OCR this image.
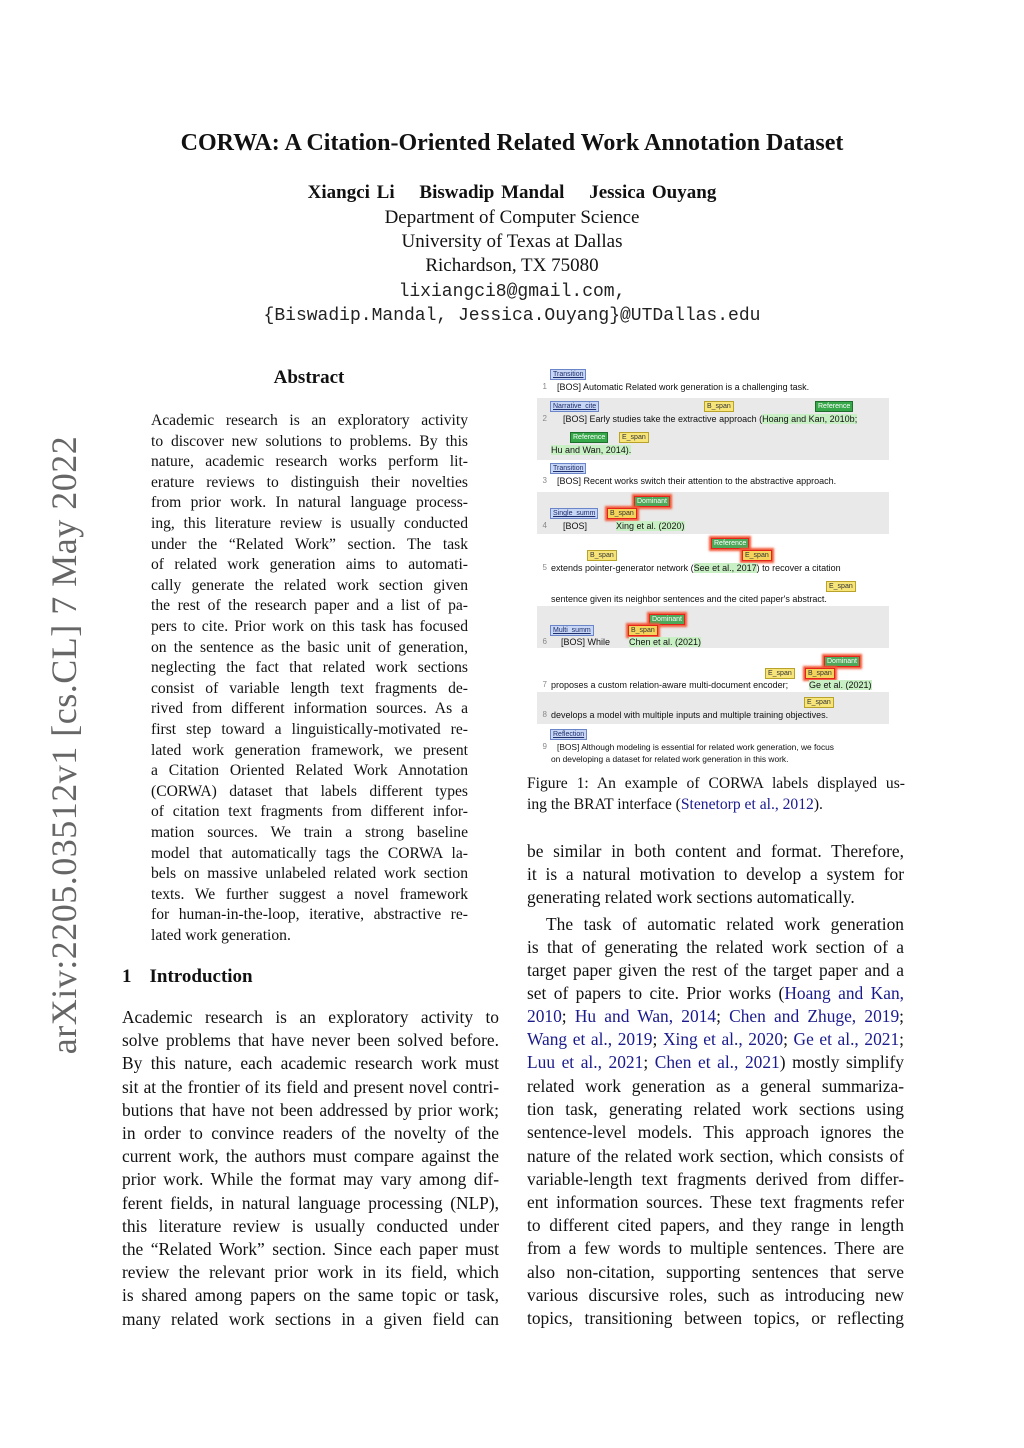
arXiv:2205.03512v1 [cs.CL] 7 May 2022
CORWA: A Citation-Oriented Related Work Annotation Dataset
Xiangci Li Biswadip Mandal Jessica Ouyang
Department of Computer Science
University of Texas at Dallas
Richardson, TX 75080
lixiangci8@gmail.com,
{Biswadip.Mandal, Jessica.Ouyang}@UTDallas.edu
Abstract
Academic research is an exploratory activity
to discover new solutions to problems. By this
nature, academic research works perform lit-
erature reviews to distinguish their novelties
from prior work. In natural language process-
ing, this literature review is usually conducted
under the “Related Work” section. The task
of related work generation aims to automati-
cally generate the related work section given
the rest of the research paper and a list of pa-
pers to cite. Prior work on this task has focused
on the sentence as the basic unit of generation,
neglecting the fact that related work sections
consist of variable length text fragments de-
rived from different information sources. As a
first step toward a linguistically-motivated re-
lated work generation framework, we present
a Citation Oriented Related Work Annotation
(CORWA) dataset that labels different types
of citation text fragments from different infor-
mation sources. We train a strong baseline
model that automatically tags the CORWA la-
bels on massive unlabeled related work section
texts. We further suggest a novel framework
for human-in-the-loop, iterative, abstractive re-
lated work generation.
1 Introduction
Academic research is an exploratory activity to
solve problems that have never been solved before.
By this nature, each academic research work must
sit at the frontier of its field and present novel contri-
butions that have not been addressed by prior work;
in order to convince readers of the novelty of the
current work, the authors must compare against the
prior work. While the format may vary among dif-
ferent fields, in natural language processing (NLP),
this literature review is usually conducted under
the “Related Work” section. Since each paper must
review the relevant prior work in its field, which
is shared among papers on the same topic or task,
many related work sections in a given field can
Transition
1 [BOS] Automatic Related work generation is a challenging task.
Narrative_cite	B_span	Reference
2 [BOS] Early studies take the extractive approach (Hoang and Kan, 2010b;
Reference	E_span
Hu and Wan, 2014).
Transition
3 [BOS] Recent works switch their attention to the abstractive approach.
Dominant
Single_summ	B_span
4 [BOS]	Xing et al. (2020)
Reference
B_span	E_span
5 extends pointer-generator network (See et al., 2017) to recover a citation
E_span
sentence given its neighbor sentences and the cited paper's abstract.
Dominant
Multi_summ	B_span
6 [BOS] While Chen et al. (2021)
Dominant
E_span	B_span
7 proposes a custom relation-aware multi-document encoder; Ge et al. (2021)
E_span
8 develops a model with multiple inputs and multiple training objectives.
Reflection
9 [BOS] Although modeling is essential for related work generation, we focus
on developing a dataset for related work generation in this work.
Figure 1: An example of CORWA labels displayed us-
ing the BRAT interface (Stenetorp et al., 2012).
be similar in both content and format. Therefore,
it is a natural motivation to develop a system for
generating related work sections automatically.
The task of automatic related work generation
is that of generating the related work section of a
target paper given the rest of the target paper and a
set of papers to cite. Prior works (Hoang and Kan,
2010; Hu and Wan, 2014; Chen and Zhuge, 2019;
Wang et al., 2019; Xing et al., 2020; Ge et al., 2021;
Luu et al., 2021; Chen et al., 2021) mostly simplify
related work generation as a general summariza-
tion task, generating related work sections using
sentence-level models. This approach ignores the
nature of the related work section, which consists of
variable-length text fragments derived from differ-
ent information sources. These text fragments refer
to different cited papers, and they range in length
from a few words to multiple sentences. There are
also non-citation, supporting sentences that serve
various discursive roles, such as introducing new
topics, transitioning between topics, or reflecting
